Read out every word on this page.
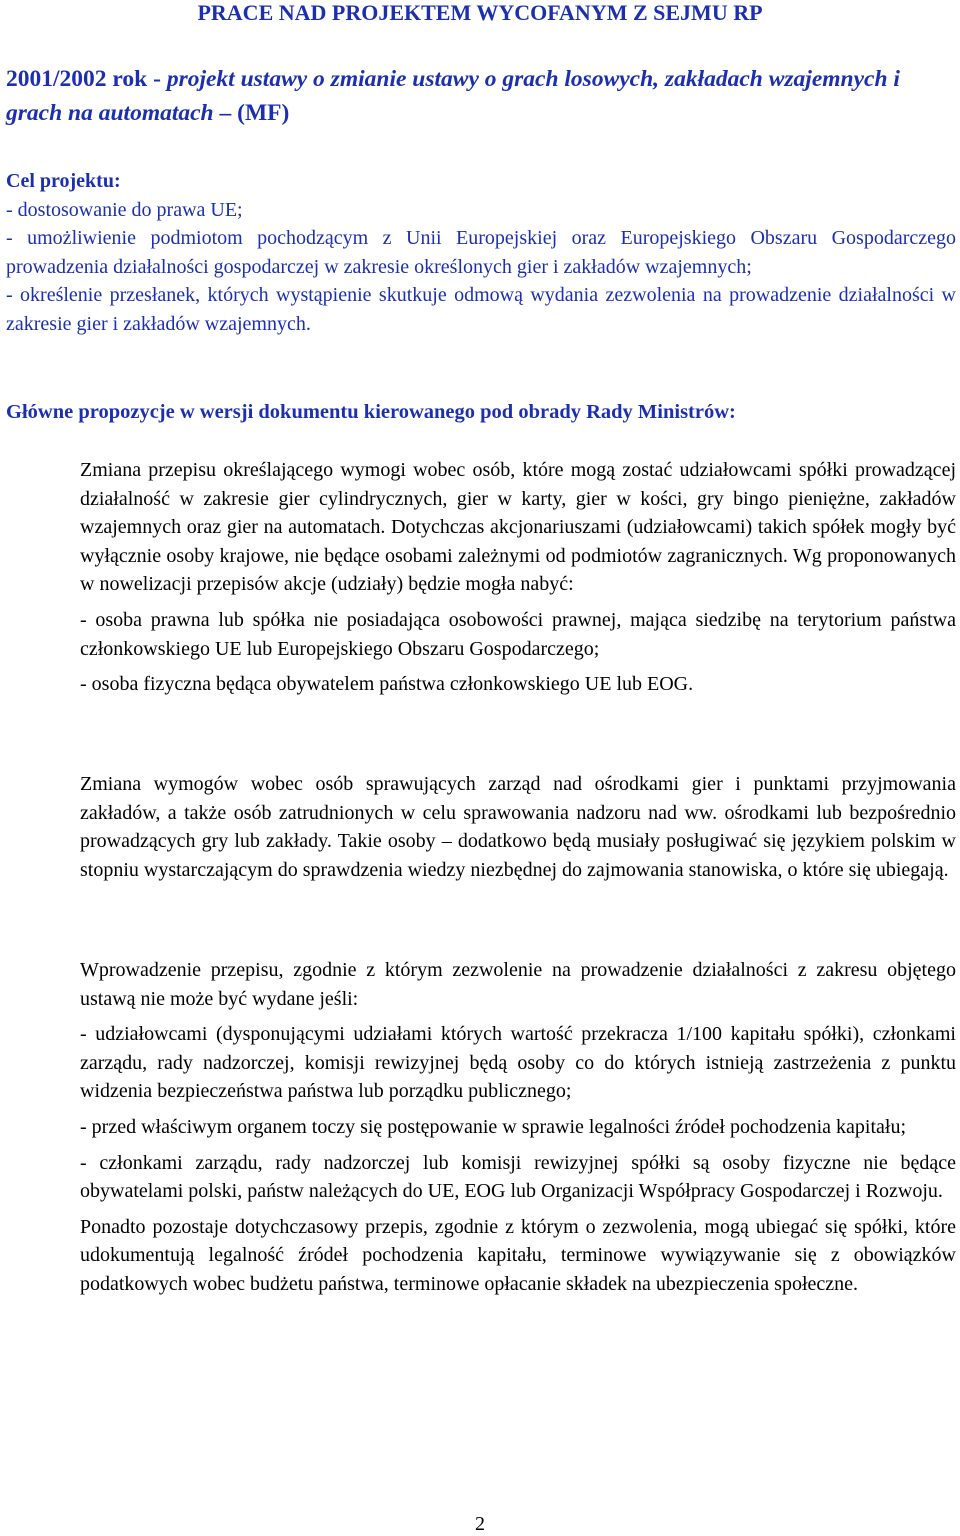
PRACE NAD PROJEKTEM WYCOFANYM Z SEJMU RP
2001/2002 rok - projekt ustawy o zmianie ustawy o grach losowych, zakładach wzajemnych i grach na automatach – (MF)
Cel projektu:

- dostosowanie do prawa UE;

- umożliwienie podmiotom pochodzącym z Unii Europejskiej oraz Europejskiego Obszaru Gospodarczego prowadzenia działalności gospodarczej w zakresie określonych gier i zakładów wzajemnych;

- określenie przesłanek, których wystąpienie skutkuje odmową wydania zezwolenia na prowadzenie działalności w zakresie gier i zakładów wzajemnych.

Główne propozycje w wersji dokumentu kierowanego pod obrady Rady Ministrów:

Zmiana przepisu określającego wymogi wobec osób, które mogą zostać udziałowcami spółki prowadzącej działalność w zakresie gier cylindrycznych, gier w karty, gier w kości, gry bingo pieniężne, zakładów wzajemnych oraz gier na automatach. Dotychczas akcjonariuszami (udziałowcami) takich spółek mogły być wyłącznie osoby krajowe, nie będące osobami zależnymi od podmiotów zagranicznych. Wg proponowanych w nowelizacji przepisów akcje (udziały) będzie mogła nabyć:

- osoba prawna lub spółka nie posiadająca osobowości prawnej, mająca siedzibę na terytorium państwa członkowskiego UE lub Europejskiego Obszaru Gospodarczego;

- osoba fizyczna będąca obywatelem państwa członkowskiego UE lub EOG.

Zmiana wymogów wobec osób sprawujących zarząd nad ośrodkami gier i punktami przyjmowania zakładów, a także osób zatrudnionych w celu sprawowania nadzoru nad ww. ośrodkami lub bezpośrednio prowadzących gry lub zakłady. Takie osoby – dodatkowo będą musiały posługiwać się językiem polskim w stopniu wystarczającym do sprawdzenia wiedzy niezbędnej do zajmowania stanowiska, o które się ubiegają.

Wprowadzenie przepisu, zgodnie z którym zezwolenie na prowadzenie działalności z zakresu objętego ustawą nie może być wydane jeśli:

- udziałowcami (dysponującymi udziałami których wartość przekracza 1/100 kapitału spółki), członkami zarządu, rady nadzorczej, komisji rewizyjnej będą osoby co do których istnieją zastrzeżenia z punktu widzenia bezpieczeństwa państwa lub porządku publicznego;

- przed właściwym organem toczy się postępowanie w sprawie legalności źródeł pochodzenia kapitału;

- członkami zarządu, rady nadzorczej lub komisji rewizyjnej spółki są osoby fizyczne nie będące obywatelami polski, państw należących do UE, EOG lub Organizacji Współpracy Gospodarczej i Rozwoju.

Ponadto pozostaje dotychczasowy przepis, zgodnie z którym o zezwolenia, mogą ubiegać się spółki, które udokumentują legalność źródeł pochodzenia kapitału, terminowe wywiązywanie się z obowiązków podatkowych wobec budżetu państwa, terminowe opłacanie składek na ubezpieczenia społeczne.

2
